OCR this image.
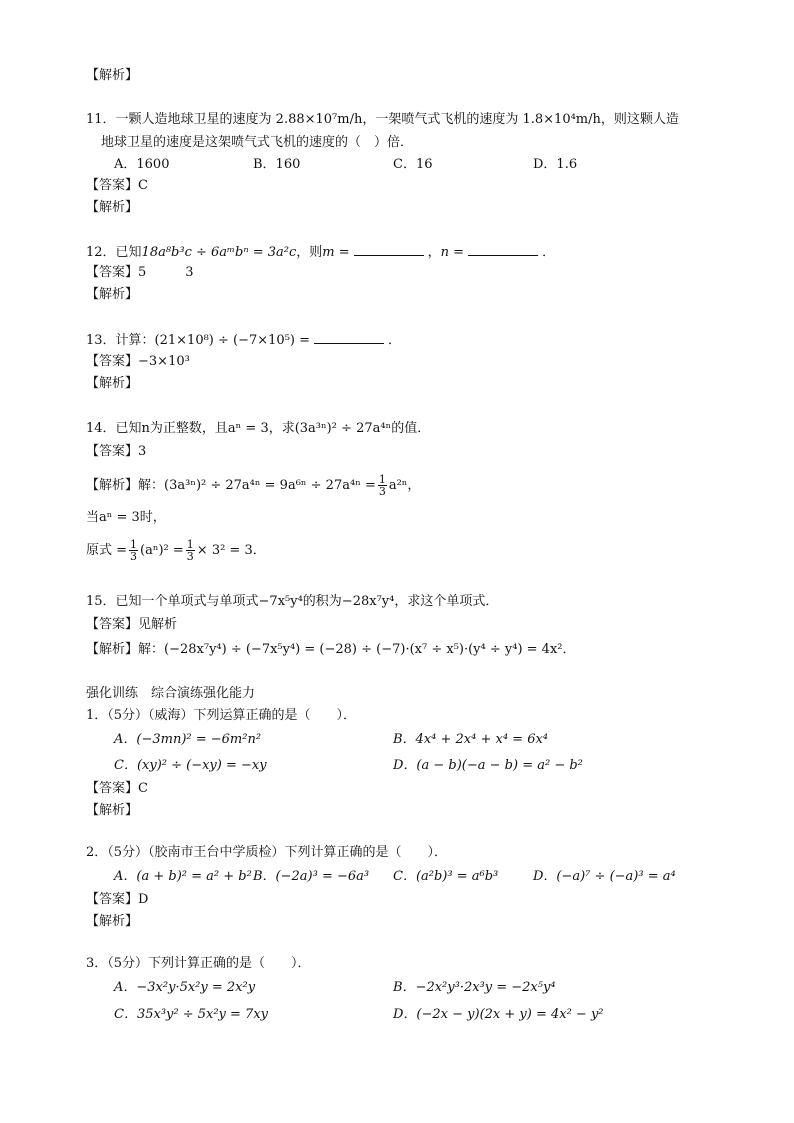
【解析】
11．一颗人造地球卫星的速度为 2.88×10⁷m/h，一架喷气式飞机的速度为 1.8×10⁴m/h，则这颗人造
地球卫星的速度是这架喷气式飞机的速度的（　）倍．
A．1600	B．160	C．16	D．1.6
【答案】C
【解析】
12．已知18a⁸b³c ÷ 6aᵐbⁿ = 3a²c，则m =	，n =	．
【答案】5　　　3
【解析】
13．计算：(21×10⁸) ÷ (−7×10⁵) =	．
【答案】−3×10³
【解析】
14．已知n为正整数，且aⁿ = 3，求(3a³ⁿ)² ÷ 27a⁴ⁿ的值．
【答案】3
【解析】解：$(3a^{3n})^2 \div 27a^{4n} = 9a^{6n} \div 27a^{4n} = \frac{1}{3} a^{2n}$，
当aⁿ = 3时，
原式 = $\frac{1}{3} (a^n)^2 = \frac{1}{3} \times 3^2 = 3$．
15．已知一个单项式与单项式−7x⁵y⁴的积为−28x⁷y⁴，求这个单项式．
【答案】见解析
【解析】解：(−28x⁷y⁴) ÷ (−7x⁵y⁴) = (−28) ÷ (−7)·(x⁷ ÷ x⁵)·(y⁴ ÷ y⁴) = 4x²．
强化训练　综合演练强化能力
1．（5分）（威海）下列运算正确的是（　　）．
A．(−3mn)² = −6m²n²	B．4x⁴ + 2x⁴ + x⁴ = 6x⁴
C．(xy)² ÷ (−xy) = −xy	D．(a − b)(−a − b) = a² − b²
【答案】C
【解析】
2．（5分）（胶南市王台中学质检）下列计算正确的是（　　）．
A．(a + b)² = a² + b² B．(−2a)³ = −6a³ C．(a²b)³ = a⁶b³	D．(−a)⁷ ÷ (−a)³ = a⁴
【答案】D
【解析】
3．（5分）下列计算正确的是（　　）．
A．−3x²y·5x²y = 2x²y	B．−2x²y³·2x³y = −2x⁵y⁴
C．35x³y² ÷ 5x²y = 7xy	D．(−2x − y)(2x + y) = 4x² − y²
